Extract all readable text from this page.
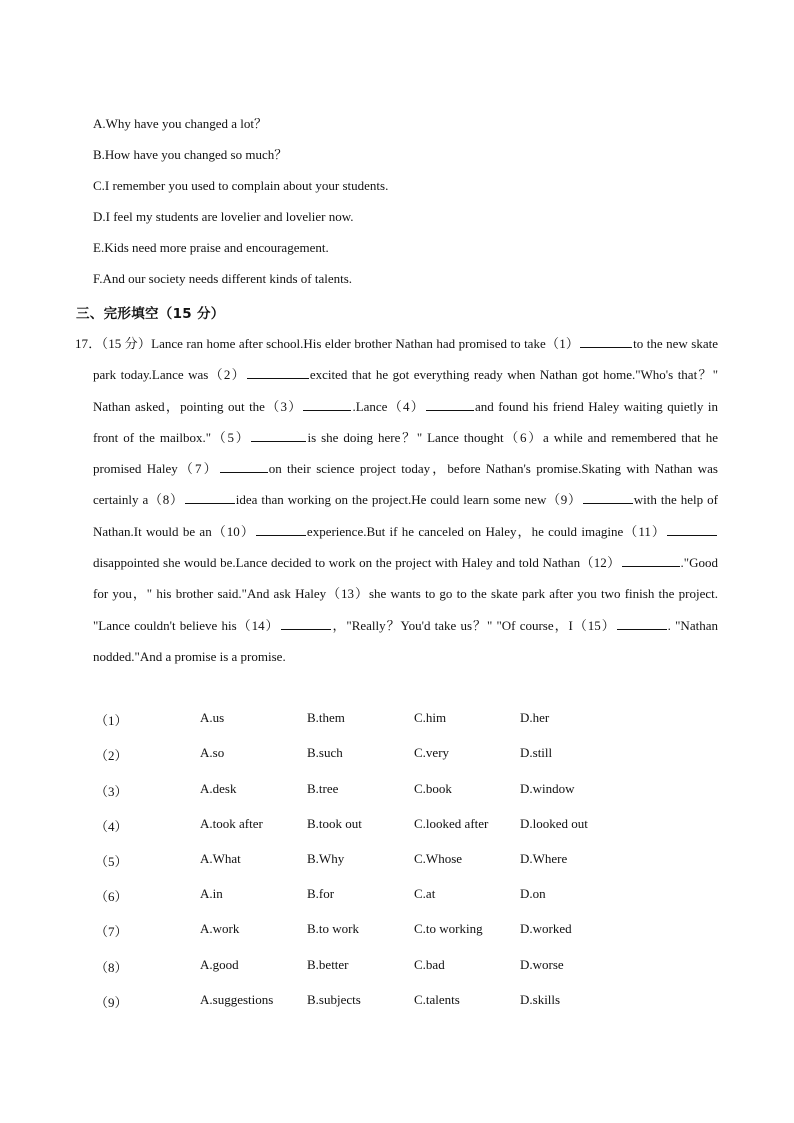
A.Why have you changed a lot？
B.How have you changed so much？
C.I remember you used to complain about your students.
D.I feel my students are lovelier and lovelier now.
E.Kids need more praise and encouragement.
F.And our society needs different kinds of talents.
三、完形填空（15 分）
17．（15 分）Lance ran home after school.His elder brother Nathan had promised to take（1）	to the new skate park today.Lance was（2）	excited that he got everything ready when Nathan got home."Who's that？" Nathan asked，pointing out the（3）	.Lance（4）	and found his friend Haley waiting quietly in front of the mailbox."（5）	is she doing here？" Lance thought（6）a while and remembered that he promised Haley（7）	on their science project today，before Nathan's promise.Skating with Nathan was certainly a（8）	idea than working on the project.He could learn some new（9）	with the help of Nathan.It would be an（10）	experience.But if he canceled on Haley，he could imagine（11）disappointed she would be.Lance decided to work on the project with Haley and told Nathan（12）	."Good for you，" his brother said."And ask Haley（13）she wants to go to the skate park after you two finish the project. "Lance couldn't believe his（14）	，"Really？You'd take us？" "Of course，I（15）	. "Nathan nodded."And a promise is a promise.
（1）	A.us	B.them	C.him	D.her
（2）	A.so	B.such	C.very	D.still
（3）	A.desk	B.tree	C.book	D.window
（4）	A.took after	B.took out	C.looked after D.looked out
（5）	A.What	B.Why	C.Whose	D.Where
（6）	A.in	B.for	C.at	D.on
（7）	A.work	B.to work	C.to working	D.worked
（8）	A.good	B.better	C.bad	D.worse
（9）	A.suggestions	B.subjects	C.talents	D.skills
